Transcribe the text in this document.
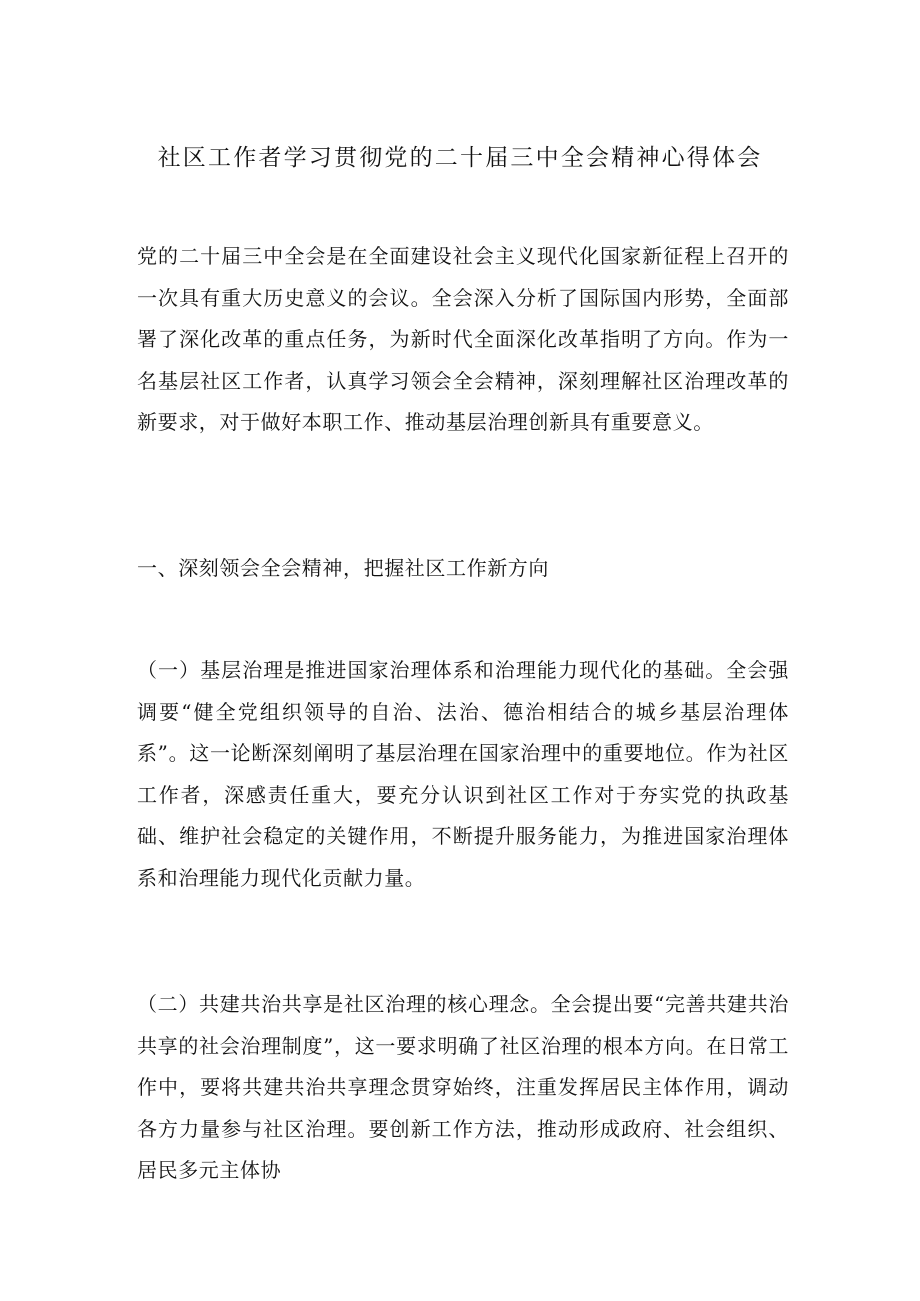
社区工作者学习贯彻党的二十届三中全会精神心得体会

党的二十届三中全会是在全面建设社会主义现代化国家新征程上召开的一次具有重大历史意义的会议。全会深入分析了国际国内形势，全面部署了深化改革的重点任务，为新时代全面深化改革指明了方向。作为一名基层社区工作者，认真学习领会全会精神，深刻理解社区治理改革的新要求，对于做好本职工作、推动基层治理创新具有重要意义。

一、深刻领会全会精神，把握社区工作新方向

（一）基层治理是推进国家治理体系和治理能力现代化的基础。全会强调要“健全党组织领导的自治、法治、德治相结合的城乡基层治理体系”。这一论断深刻阐明了基层治理在国家治理中的重要地位。作为社区工作者，深感责任重大，要充分认识到社区工作对于夯实党的执政基础、维护社会稳定的关键作用，不断提升服务能力，为推进国家治理体系和治理能力现代化贡献力量。

（二）共建共治共享是社区治理的核心理念。全会提出要“完善共建共治共享的社会治理制度”，这一要求明确了社区治理的根本方向。在日常工作中，要将共建共治共享理念贯穿始终，注重发挥居民主体作用，调动各方力量参与社区治理。要创新工作方法，推动形成政府、社会组织、居民多元主体协
